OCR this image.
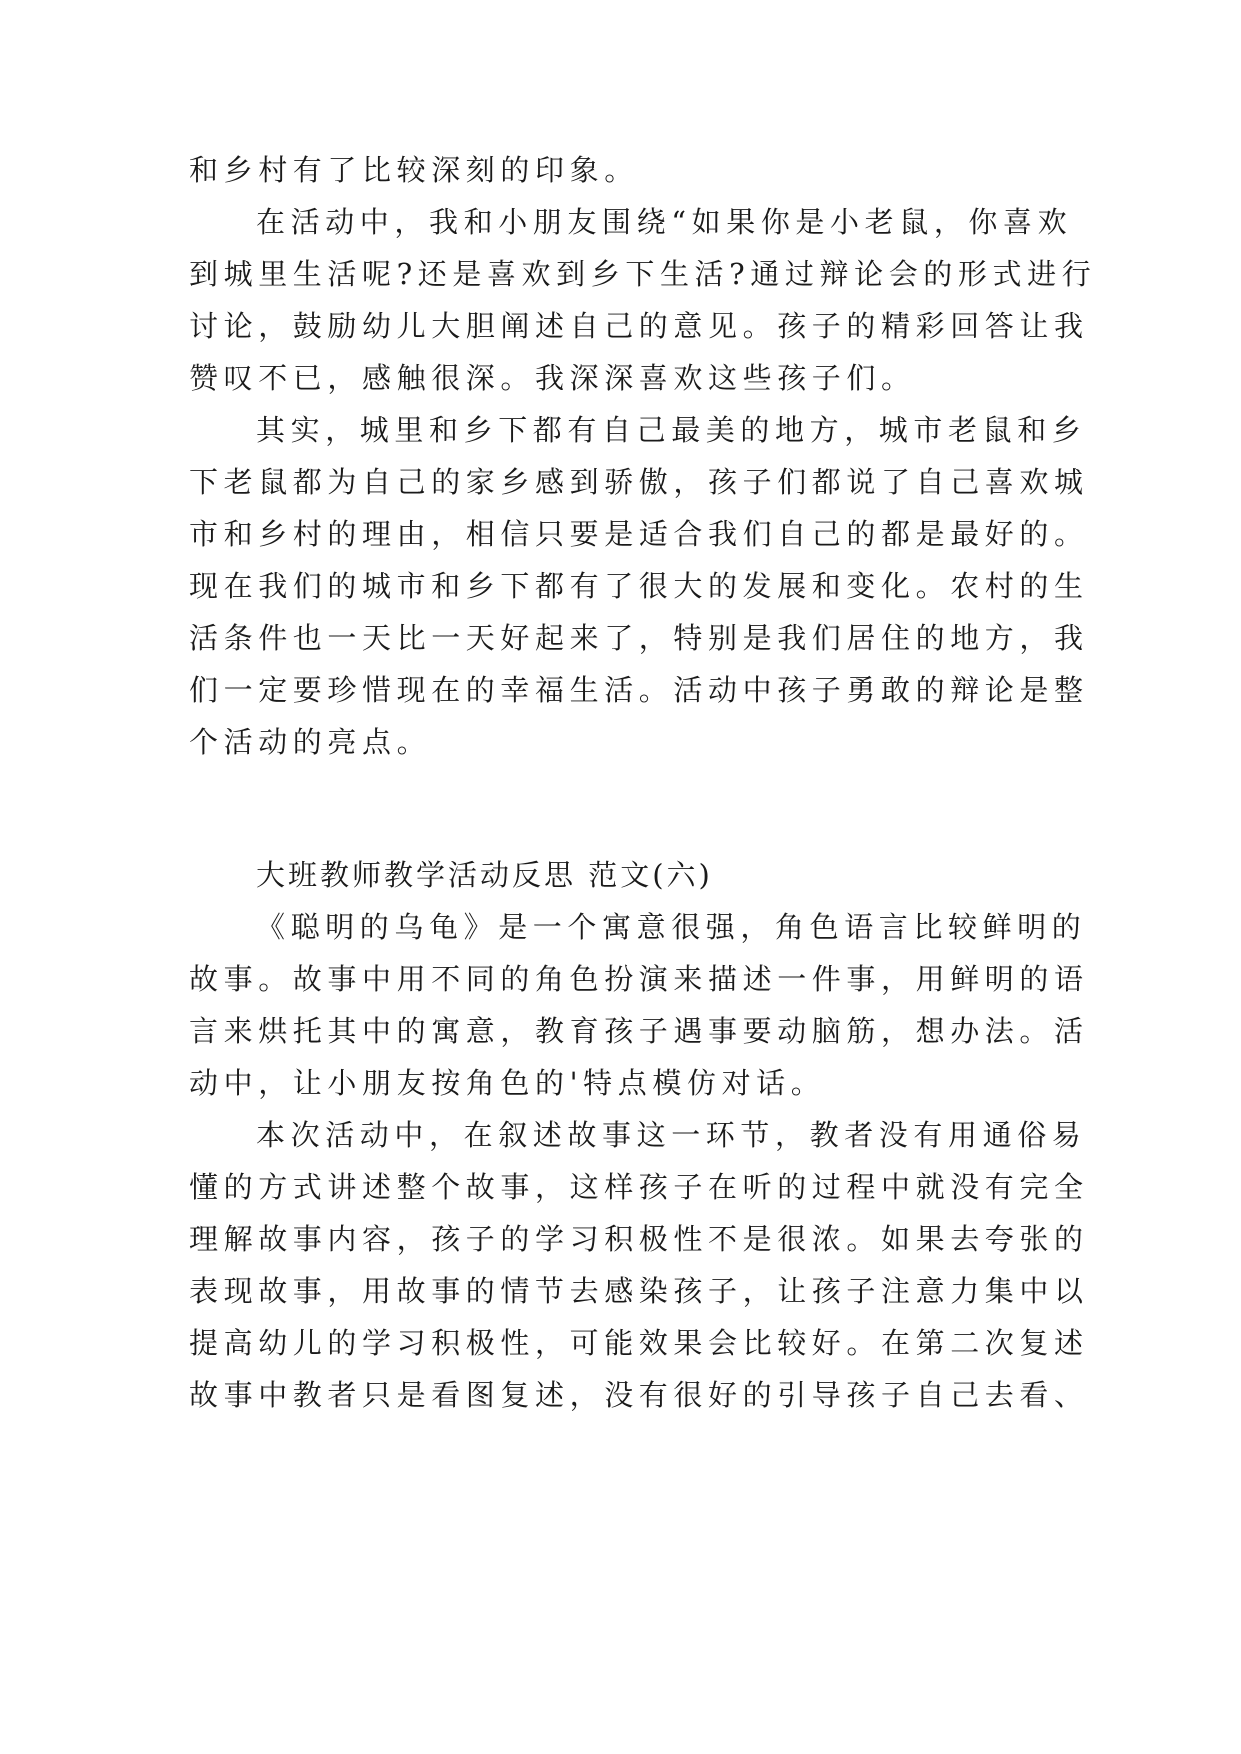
和乡村有了比较深刻的印象。
在活动中，我和小朋友围绕“如果你是小老鼠，你喜欢
到城里生活呢?还是喜欢到乡下生活?通过辩论会的形式进行
讨论，鼓励幼儿大胆阐述自己的意见。孩子的精彩回答让我
赞叹不已，感触很深。我深深喜欢这些孩子们。
其实，城里和乡下都有自己最美的地方，城市老鼠和乡
下老鼠都为自己的家乡感到骄傲，孩子们都说了自己喜欢城
市和乡村的理由，相信只要是适合我们自己的都是最好的。
现在我们的城市和乡下都有了很大的发展和变化。农村的生
活条件也一天比一天好起来了，特别是我们居住的地方，我
们一定要珍惜现在的幸福生活。活动中孩子勇敢的辩论是整
个活动的亮点。
大班教师教学活动反思 范文(六)
《聪明的乌龟》是一个寓意很强，角色语言比较鲜明的
故事。故事中用不同的角色扮演来描述一件事，用鲜明的语
言来烘托其中的寓意，教育孩子遇事要动脑筋，想办法。活
动中，让小朋友按角色的'特点模仿对话。
本次活动中，在叙述故事这一环节，教者没有用通俗易
懂的方式讲述整个故事，这样孩子在听的过程中就没有完全
理解故事内容，孩子的学习积极性不是很浓。如果去夸张的
表现故事，用故事的情节去感染孩子，让孩子注意力集中以
提高幼儿的学习积极性，可能效果会比较好。在第二次复述
故事中教者只是看图复述，没有很好的引导孩子自己去看、
